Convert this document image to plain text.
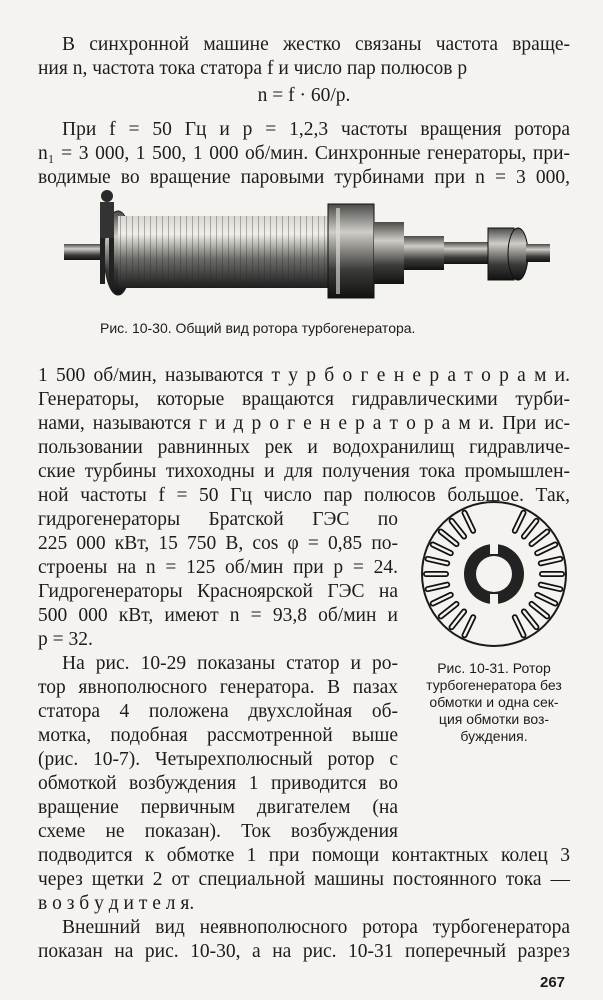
В синхронной машине жестко связаны частота враще-
ния n, частота тока статора f и число пар полюсов p
n = f · 60/p.
При f = 50 Гц и p = 1,2,3 частоты вращения ротора
n₁ = 3 000, 1 500, 1 000 об/мин. Синхронные генераторы, при-
водимые во вращение паровыми турбинами при n = 3 000,
Рис. 10-30. Общий вид ротора турбогенератора.
1 500 об/мин, называются т у р б о г е н е р а т о р а м и.
Генераторы, которые вращаются гидравлическими турби-
нами, называются г и д р о г е н е р а т о р а м и. При ис-
пользовании равнинных рек и водохранилищ гидравличе-
ские турбины тихоходны и для получения тока промышлен-
ной частоты f = 50 Гц число пар полюсов большое. Так,
гидрогенераторы Братской ГЭС по
225 000 кВт, 15 750 В, cos φ = 0,85 по-
строены на n = 125 об/мин при p = 24.
Гидрогенераторы Красноярской ГЭС на
500 000 кВт, имеют n = 93,8 об/мин и
p = 32.
На рис. 10-29 показаны статор и ро-
тор явнополюсного генератора. В пазах
статора 4 положена двухслойная об-
мотка, подобная рассмотренной выше
(рис. 10-7). Четырехполюсный ротор с
обмоткой возбуждения 1 приводится во
вращение первичным двигателем (на
схеме не показан). Ток возбуждения
Рис. 10-31. Ротор
турбогенератора без
обмотки и одна сек-
ция обмотки воз-
буждения.
подводится к обмотке 1 при помощи контактных колец 3
через щетки 2 от специальной машины постоянного тока —
в о з б у д и т е л я.
Внешний вид неявнополюсного ротора турбогенератора
показан на рис. 10-30, а на рис. 10-31 поперечный разрез
267
